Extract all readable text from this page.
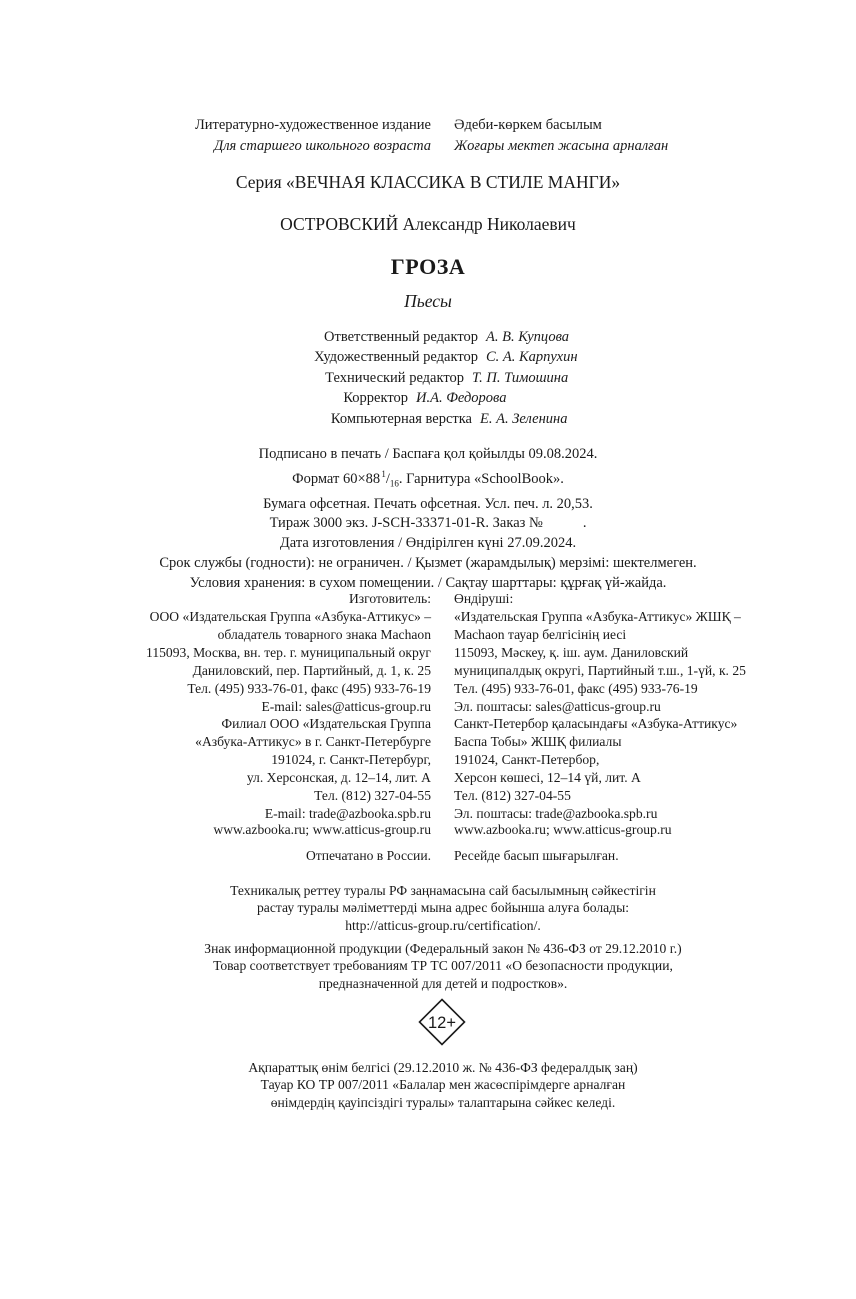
Литературно-художественное издание
Для старшего школьного возраста
Әдеби-көркем басылым
Жоғары мектеп жасына арналған
Серия «ВЕЧНАЯ КЛАССИКА В СТИЛЕ МАНГИ»
ОСТРОВСКИЙ Александр Николаевич
ГРОЗА
Пьесы
Ответственный редактор
Художественный редактор
Технический редактор
Корректор
Компьютерная верстка
А. В. Купцова
С. А. Карпухин
Т. П. Тимошина
И.А. Федорова
Е. А. Зеленина
Подписано в печать / Баспаға қол қойылды 09.08.2024.
Формат 60×88 $^1/_{16}$. Гарнитура «SchoolBook».
Бумага офсетная. Печать офсетная. Усл. печ. л. 20,53.
Тираж 3000 экз. J-SCH-33371-01-R. Заказ №	.
Дата изготовления / Өндірілген күні 27.09.2024.
Срок службы (годности): не ограничен. / Қызмет (жарамдылық) мерзімі: шектелмеген.
Условия хранения: в сухом помещении. / Сақтау шарттары: құрғақ үй-жайда.
Изготовитель:
ООО «Издательская Группа «Азбука-Аттикус» –
обладатель товарного знака Machaon
115093, Москва, вн. тер. г. муниципальный округ
Даниловский, пер. Партийный, д. 1, к. 25
Тел. (495) 933-76-01, факс (495) 933-76-19
E-mail: sales@atticus-group.ru
Өндіруші:
«Издательская Группа «Азбука-Аттикус» ЖШҚ –
Machaon тауар белгісінің иесі
115093, Мәскеу, қ. іш. аум. Даниловский
муниципалдық округі, Партийный т.ш., 1-үй, к. 25
Тел. (495) 933-76-01, факс (495) 933-76-19
Эл. поштасы: sales@atticus-group.ru
Филиал ООО «Издательская Группа
«Азбука-Аттикус» в г. Санкт-Петербурге
191024, г. Санкт-Петербург,
ул. Херсонская, д. 12–14, лит. А
Тел. (812) 327-04-55
E-mail: trade@azbooka.spb.ru
Санкт-Петербор қаласындағы «Азбука-Аттикус»
Баспа Тобы» ЖШҚ филиалы
191024, Санкт-Петербор,
Херсон көшесі, 12–14 үй, лит. А
Тел. (812) 327-04-55
Эл. поштасы: trade@azbooka.spb.ru
www.azbooka.ru; www.atticus-group.ru www.azbooka.ru; www.atticus-group.ru
Отпечатано в России. Ресейде басып шығарылған.
Техникалық реттеу туралы РФ заңнамасына сай басылымның сәйкестігін
растау туралы мәліметтерді мына адрес бойынша алуға болады:
http://atticus-group.ru/certification/.
Знак информационной продукции (Федеральный закон № 436-ФЗ от 29.12.2010 г.)
Товар соответствует требованиям ТР ТС 007/2011 «О безопасности продукции,
предназначенной для детей и подростков».
12+
Ақпараттық өнім белгісі (29.12.2010 ж. № 436-ФЗ федералдық заң)
Тауар КО ТР 007/2011 «Балалар мен жасөспірімдерге арналған
өнімдердің қауіпсіздігі туралы» талаптарына сәйкес келеді.
